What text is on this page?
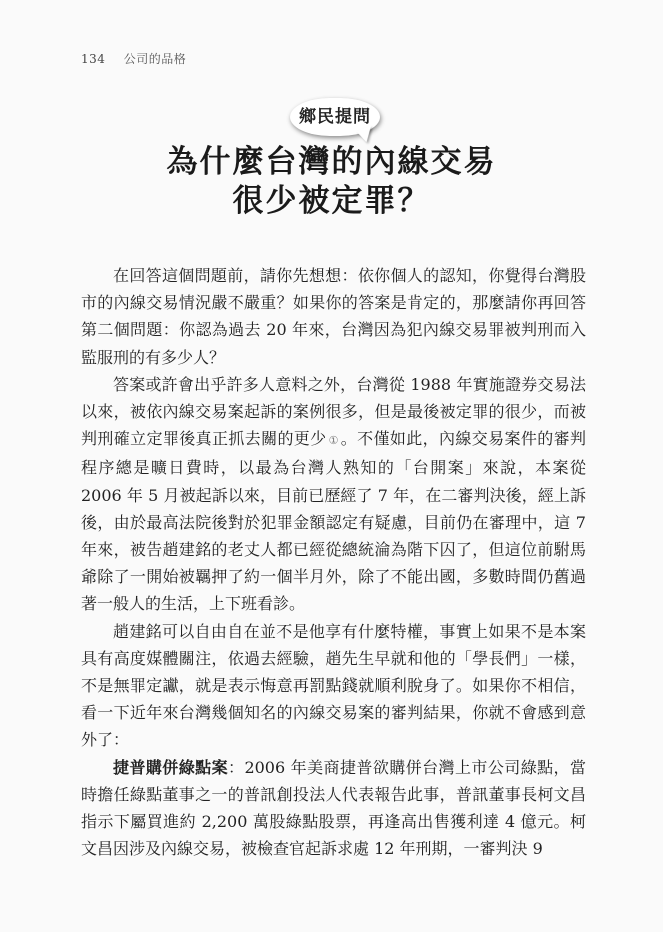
134 公司的品格
鄉民提問
為什麼台灣的內線交易
很少被定罪？

在回答這個問題前，請你先想想：依你個人的認知，你覺得台灣股市的內線交易情況嚴不嚴重？如果你的答案是肯定的，那麼請你再回答第二個問題：你認為過去 20 年來，台灣因為犯內線交易罪被判刑而入監服刑的有多少人？

答案或許會出乎許多人意料之外，台灣從 1988 年實施證券交易法以來，被依內線交易案起訴的案例很多，但是最後被定罪的很少，而被判刑確立定罪後真正抓去關的更少 ① 。不僅如此，內線交易案件的審判程序總是曠日費時，以最為台灣人熟知的「台開案」來說，本案從 2006 年 5 月被起訴以來，目前已歷經了 7 年，在二審判決後，經上訴後，由於最高法院後對於犯罪金額認定有疑慮，目前仍在審理中，這 7 年來，被告趙建銘的老丈人都已經從總統淪為階下囚了，但這位前駙馬爺除了一開始被羈押了約一個半月外，除了不能出國，多數時間仍舊過著一般人的生活，上下班看診。

趙建銘可以自由自在並不是他享有什麼特權，事實上如果不是本案具有高度媒體關注，依過去經驗，趙先生早就和他的「學長們」一樣，不是無罪定讞，就是表示悔意再罰點錢就順利脫身了。如果你不相信，看一下近年來台灣幾個知名的內線交易案的審判結果，你就不會感到意外了：

捷普購併綠點案：2006 年美商捷普欲購併台灣上市公司綠點，當時擔任綠點董事之一的普訊創投法人代表報告此事，普訊董事長柯文昌指示下屬買進約 2,200 萬股綠點股票，再逢高出售獲利達 4 億元。柯文昌因涉及內線交易，被檢查官起訴求處 12 年刑期，一審判決 9
